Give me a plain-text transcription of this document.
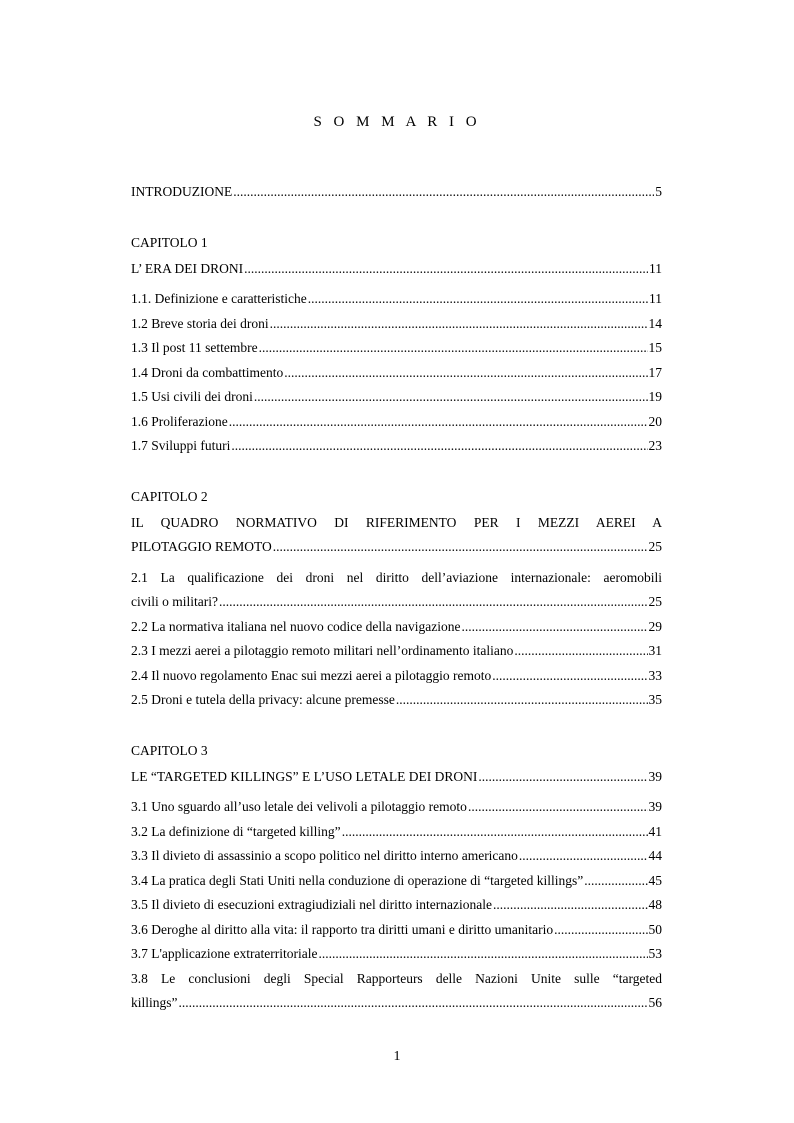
S O M M A R I O
INTRODUZIONE .....	5
CAPITOLO 1
L’ ERA DEI DRONI .....	11
1.1. Definizione e caratteristiche .....	11
1.2 Breve storia dei droni .....	14
1.3 Il post 11 settembre .....	15
1.4 Droni da combattimento .....	17
1.5 Usi civili dei droni .....	19
1.6 Proliferazione .....	20
1.7 Sviluppi futuri .....	23
CAPITOLO 2
IL QUADRO NORMATIVO DI RIFERIMENTO PER I MEZZI AEREI A
PILOTAGGIO REMOTO .....	25
2.1 La qualificazione dei droni nel diritto dell’aviazione internazionale: aeromobili
civili o militari? .....	25
2.2 La normativa italiana nel nuovo codice della navigazione .....	29
2.3 I mezzi aerei a pilotaggio remoto militari nell’ordinamento italiano .....	31
2.4 Il nuovo regolamento Enac sui mezzi aerei a pilotaggio remoto .....	33
2.5 Droni e tutela della privacy: alcune premesse .....	35
CAPITOLO 3
LE “TARGETED KILLINGS” E L’USO LETALE DEI DRONI .....	39
3.1 Uno sguardo all’uso letale dei velivoli a pilotaggio remoto .....	39
3.2 La definizione di “targeted killing” .....	41
3.3 Il divieto di assassinio a scopo politico nel diritto interno americano .....	44
3.4 La pratica degli Stati Uniti nella conduzione di operazione di “targeted killings” .....	45
3.5 Il divieto di esecuzioni extragiudiziali nel diritto internazionale .....	48
3.6 Deroghe al diritto alla vita: il rapporto tra diritti umani e diritto umanitario .....	50
3.7 L'applicazione extraterritoriale .....	53
3.8 Le conclusioni degli Special Rapporteurs delle Nazioni Unite sulle “targeted
killings” .....	56
1
